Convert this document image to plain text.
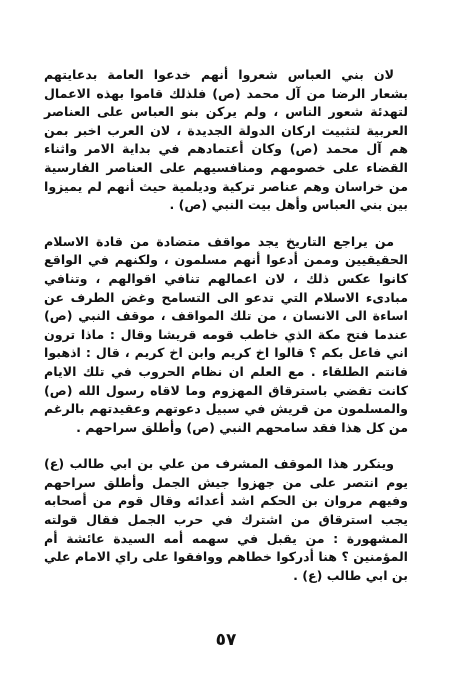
لان بني العباس شعروا أنهم خدعوا العامة بدعايتهم بشعار الرضا من آل محمد (ص) فلذلك قاموا بهذه الاعمال لتهدئة شعور الناس ، ولم يركن بنو العباس على العناصر العربية لتثبيت اركان الدولة الجديدة ، لان العرب اخبر بمن هم آل محمد (ص) وكان أعتمادهم في بداية الامر واثناء القضاء على خصومهم ومنافسيهم على العناصر الفارسية من خراسان وهم عناصر تركية وديلمية حيث أنهم لم يميزوا بين بني العباس وأهل بيت النبي (ص) .

من يراجع التاريخ يجد مواقف متضادة من قادة الاسلام الحقيقيين وممن أدعوا أنهم مسلمون ، ولكنهم في الواقع كانوا عكس ذلك ، لان اعمالهم تنافي اقوالهم ، وتنافي مبادىء الاسلام التي تدعو الى التسامح وغض الطرف عن اساءة الى الانسان ، من تلك المواقف ، موقف النبي (ص) عندما فتح مكة الذي خاطب قومه قريشا وقال : ماذا ترون اني فاعل بكم ؟ قالوا اخ كريم وابن اخ كريم ، قال : اذهبوا فانتم الطلقاء . مع العلم ان نظام الحروب في تلك الايام كانت تقضي باسترقاق المهزوم وما لاقاه رسول الله (ص) والمسلمون من قريش في سبيل دعوتهم وعقيدتهم بالرغم من كل هذا فقد سامحهم النبي (ص) وأطلق سراحهم .

وينكرر هذا الموقف المشرف من علي بن ابي طالب (ع) يوم انتصر على من جهزوا جيش الجمل وأطلق سراحهم وفيهم مروان بن الحكم اشد أعدائه وقال قوم من أصحابه يجب استرقاق من اشترك في حرب الجمل فقال قولته المشهورة : من يقبل في سهمه أمه السيدة عائشة أم المؤمنين ؟ هنا أدركوا خطاهم ووافقوا على راي الامام علي بن ابي طالب (ع) .

٥٧
